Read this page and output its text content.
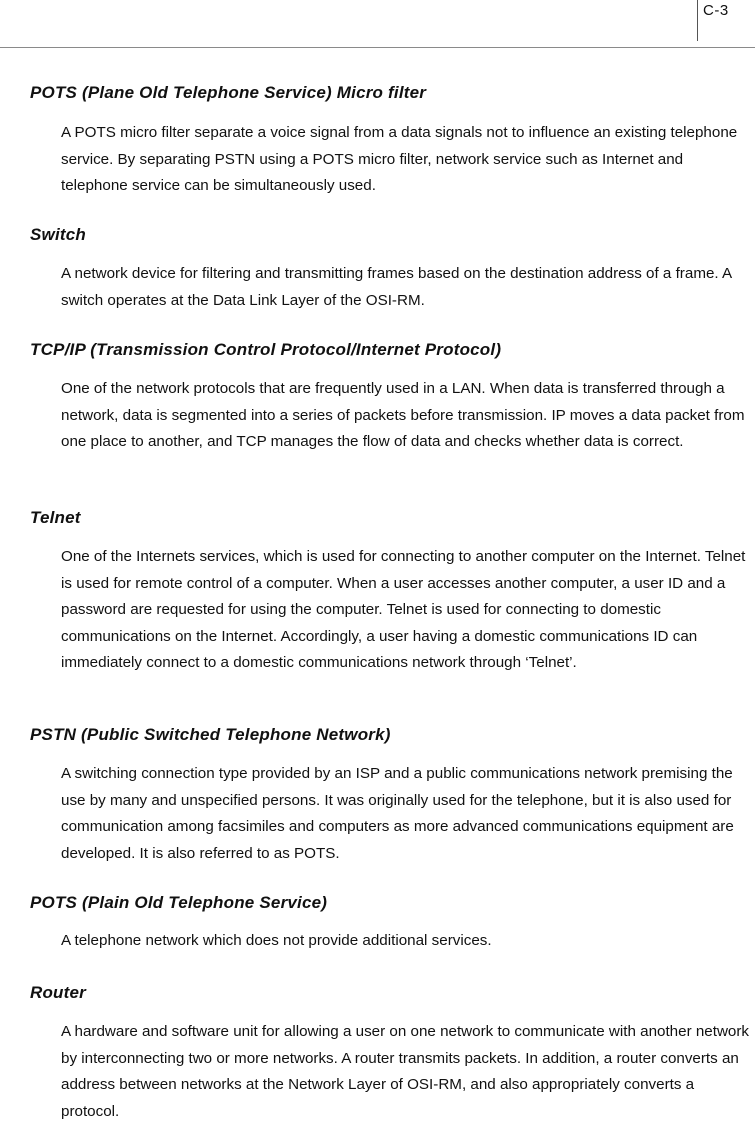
C-3
POTS (Plane Old Telephone Service) Micro filter

A POTS micro filter separate a voice signal from a data signals not to influence an existing telephone service. By separating PSTN using a POTS micro filter, network service such as Internet and telephone service can be simultaneously used.

Switch

A network device for filtering and transmitting frames based on the destination address of a frame. A switch operates at the Data Link Layer of the OSI-RM.

TCP/IP (Transmission Control Protocol/Internet Protocol)

One of the network protocols that are frequently used in a LAN. When data is transferred through a network, data is segmented into a series of packets before transmission. IP moves a data packet from one place to another, and TCP manages the flow of data and checks whether data is correct.

Telnet

One of the Internets services, which is used for connecting to another computer on the Internet. Telnet is used for remote control of a computer. When a user accesses another computer, a user ID and a password are requested for using the computer. Telnet is used for connecting to domestic communications on the Internet. Accordingly, a user having a domestic communications ID can immediately connect to a domestic communications network through ‘Telnet’.

PSTN (Public Switched Telephone Network)

A switching connection type provided by an ISP and a public communications network premising the use by many and unspecified persons. It was originally used for the telephone, but it is also used for communication among facsimiles and computers as more advanced communications equipment are developed. It is also referred to as POTS.

POTS (Plain Old Telephone Service)

A telephone network which does not provide additional services.

Router

A hardware and software unit for allowing a user on one network to communicate with another network by interconnecting two or more networks. A router transmits packets. In addition, a router converts an address between networks at the Network Layer of OSI-RM, and also appropriately converts a protocol.
